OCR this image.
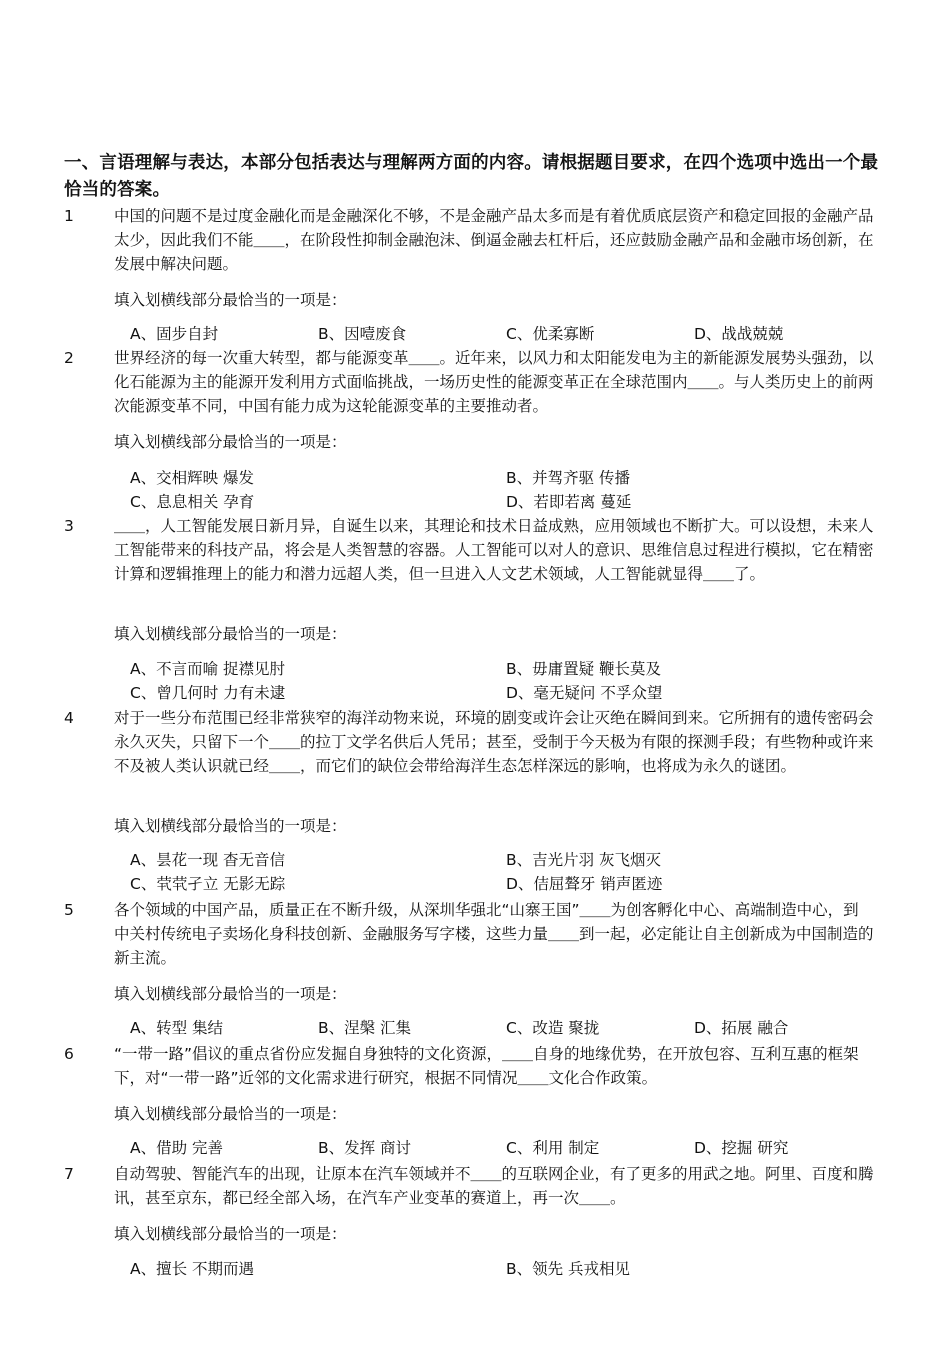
一、言语理解与表达，本部分包括表达与理解两方面的内容。请根据题目要求，在四个选项中选出一个最恰当的答案。
1	中国的问题不是过度金融化而是金融深化不够，不是金融产品太多而是有着优质底层资产和稳定回报的金融产品太少，因此我们不能＿＿，在阶段性抑制金融泡沫、倒逼金融去杠杆后，还应鼓励金融产品和金融市场创新，在发展中解决问题。
填入划横线部分最恰当的一项是：
A、固步自封	B、因噎废食	C、优柔寡断	D、战战兢兢
2	世界经济的每一次重大转型，都与能源变革＿＿。近年来，以风力和太阳能发电为主的新能源发展势头强劲，以化石能源为主的能源开发利用方式面临挑战，一场历史性的能源变革正在全球范围内＿＿。与人类历史上的前两次能源变革不同，中国有能力成为这轮能源变革的主要推动者。
填入划横线部分最恰当的一项是：
A、交相辉映 爆发	B、并驾齐驱 传播
C、息息相关 孕育	D、若即若离 蔓延
3	＿＿，人工智能发展日新月异，自诞生以来，其理论和技术日益成熟，应用领域也不断扩大。可以设想，未来人工智能带来的科技产品，将会是人类智慧的容器。人工智能可以对人的意识、思维信息过程进行模拟，它在精密计算和逻辑推理上的能力和潜力远超人类，但一旦进入人文艺术领域，人工智能就显得＿＿了。
填入划横线部分最恰当的一项是：
A、不言而喻 捉襟见肘	B、毋庸置疑 鞭长莫及
C、曾几何时 力有未逮	D、毫无疑问 不孚众望
4	对于一些分布范围已经非常狭窄的海洋动物来说，环境的剧变或许会让灭绝在瞬间到来。它所拥有的遗传密码会永久灭失，只留下一个＿＿的拉丁文学名供后人凭吊；甚至，受制于今天极为有限的探测手段；有些物种或许来不及被人类认识就已经＿＿，而它们的缺位会带给海洋生态怎样深远的影响，也将成为永久的谜团。
填入划横线部分最恰当的一项是：
A、昙花一现 杳无音信	B、吉光片羽 灰飞烟灭
C、茕茕孑立 无影无踪	D、佶屈聱牙 销声匿迹
5	各个领域的中国产品，质量正在不断升级，从深圳华强北“山寨王国”＿＿为创客孵化中心、高端制造中心，到中关村传统电子卖场化身科技创新、金融服务写字楼，这些力量＿＿到一起，必定能让自主创新成为中国制造的新主流。
填入划横线部分最恰当的一项是：
A、转型 集结	B、涅槃 汇集	C、改造 聚拢	D、拓展 融合
6	“一带一路”倡议的重点省份应发掘自身独特的文化资源，＿＿自身的地缘优势，在开放包容、互利互惠的框架下，对“一带一路”近邻的文化需求进行研究，根据不同情况＿＿文化合作政策。
填入划横线部分最恰当的一项是：
A、借助 完善	B、发挥 商讨	C、利用 制定	D、挖掘 研究
7	自动驾驶、智能汽车的出现，让原本在汽车领域并不＿＿的互联网企业，有了更多的用武之地。阿里、百度和腾讯，甚至京东，都已经全部入场，在汽车产业变革的赛道上，再一次＿＿。
填入划横线部分最恰当的一项是：
A、擅长 不期而遇	B、领先 兵戎相见
